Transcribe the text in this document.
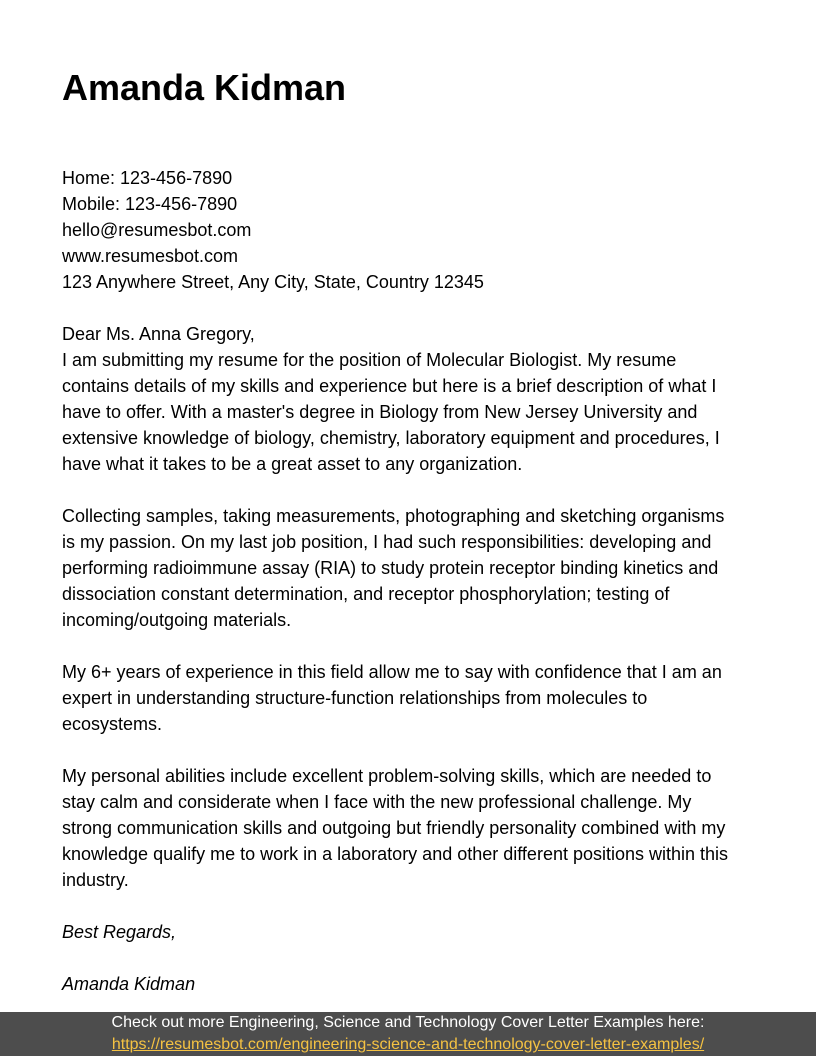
Amanda Kidman
Home: 123-456-7890
Mobile: 123-456-7890
hello@resumesbot.com
www.resumesbot.com
123 Anywhere Street, Any City, State, Country 12345

Dear Ms. Anna Gregory,

I am submitting my resume for the position of Molecular Biologist. My resume contains details of my skills and experience but here is a brief description of what I have to offer. With a master's degree in Biology from New Jersey University and extensive knowledge of biology, chemistry, laboratory equipment and procedures, I have what it takes to be a great asset to any organization.

Collecting samples, taking measurements, photographing and sketching organisms is my passion. On my last job position, I had such responsibilities: developing and performing radioimmune assay (RIA) to study protein receptor binding kinetics and dissociation constant determination, and receptor phosphorylation; testing of incoming/outgoing materials.

My 6+ years of experience in this field allow me to say with confidence that I am an expert in understanding structure-function relationships from molecules to ecosystems.

My personal abilities include excellent problem-solving skills, which are needed to stay calm and considerate when I face with the new professional challenge. My strong communication skills and outgoing but friendly personality combined with my knowledge qualify me to work in a laboratory and other different positions within this industry.

Best Regards,

Amanda Kidman

Check out more Engineering, Science and Technology Cover Letter Examples here:
https://resumesbot.com/engineering-science-and-technology-cover-letter-examples/
